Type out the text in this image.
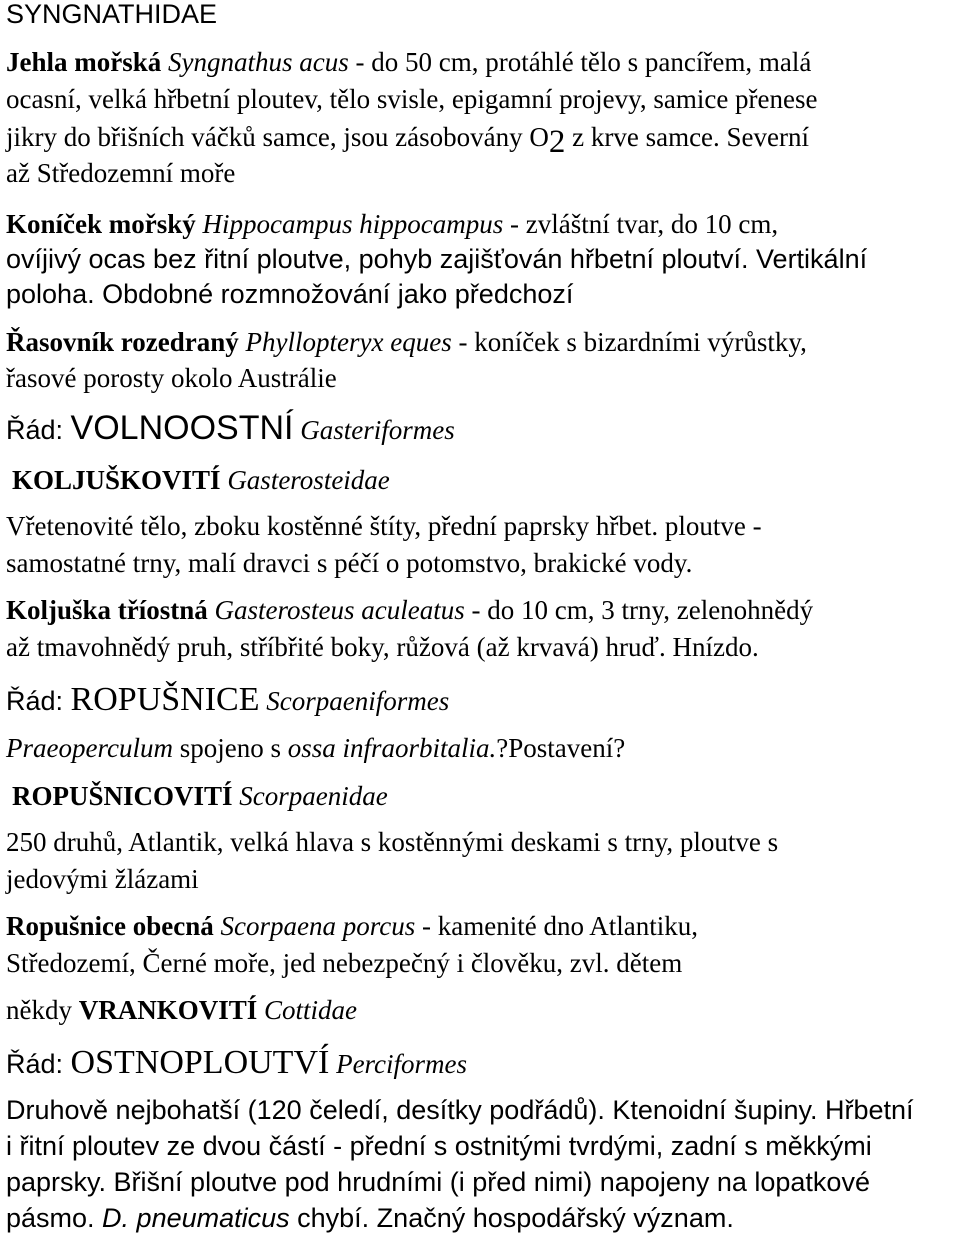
SYNGNATHIDAE
Jehla mořská Syngnathus acus - do 50 cm, protáhlé tělo s pancířem, malá
ocasní, velká hřbetní ploutev, tělo svisle, epigamní projevy, samice přenese
jikry do břišních váčků samce, jsou zásobovány O2 z krve samce. Severní
až Středozemní moře
Koníček mořský Hippocampus hippocampus - zvláštní tvar, do 10 cm,
ovíjivý ocas bez řitní ploutve, pohyb zajišťován hřbetní ploutví. Vertikální
poloha. Obdobné rozmnožování jako předchozí
Řasovník rozedraný Phyllopteryx eques - koníček s bizardními výrůstky,
řasové porosty okolo Austrálie
Řád: VOLNOOSTNÍ Gasteriformes
KOLJUŠKOVITÍ Gasterosteidae
Vřetenovité tělo, zboku kostěnné štíty, přední paprsky hřbet. ploutve -
samostatné trny, malí dravci s péčí o potomstvo, brakické vody.
Koljuška tříostná Gasterosteus aculeatus - do 10 cm, 3 trny, zelenohnědý
až tmavohnědý pruh, stříbřité boky, růžová (až krvavá) hruď. Hnízdo.
Řád: ROPUŠNICE Scorpaeniformes
Praeoperculum spojeno s ossa infraorbitalia.?Postavení?
ROPUŠNICOVITÍ Scorpaenidae
250 druhů, Atlantik, velká hlava s kostěnnými deskami s trny, ploutve s
jedovými žlázami
Ropušnice obecná Scorpaena porcus - kamenité dno Atlantiku,
Středozemí, Černé moře, jed nebezpečný i člověku, zvl. dětem
někdy VRANKOVITÍ Cottidae
Řád: OSTNOPLOUTVÍ Perciformes
Druhově nejbohatší (120 čeledí, desítky podřádů). Ktenoidní šupiny. Hřbetní
i řitní ploutev ze dvou částí - přední s ostnitými tvrdými, zadní s měkkými
paprsky. Břišní ploutve pod hrudními (i před nimi) napojeny na lopatkové
pásmo. D. pneumaticus chybí. Značný hospodářský význam.
